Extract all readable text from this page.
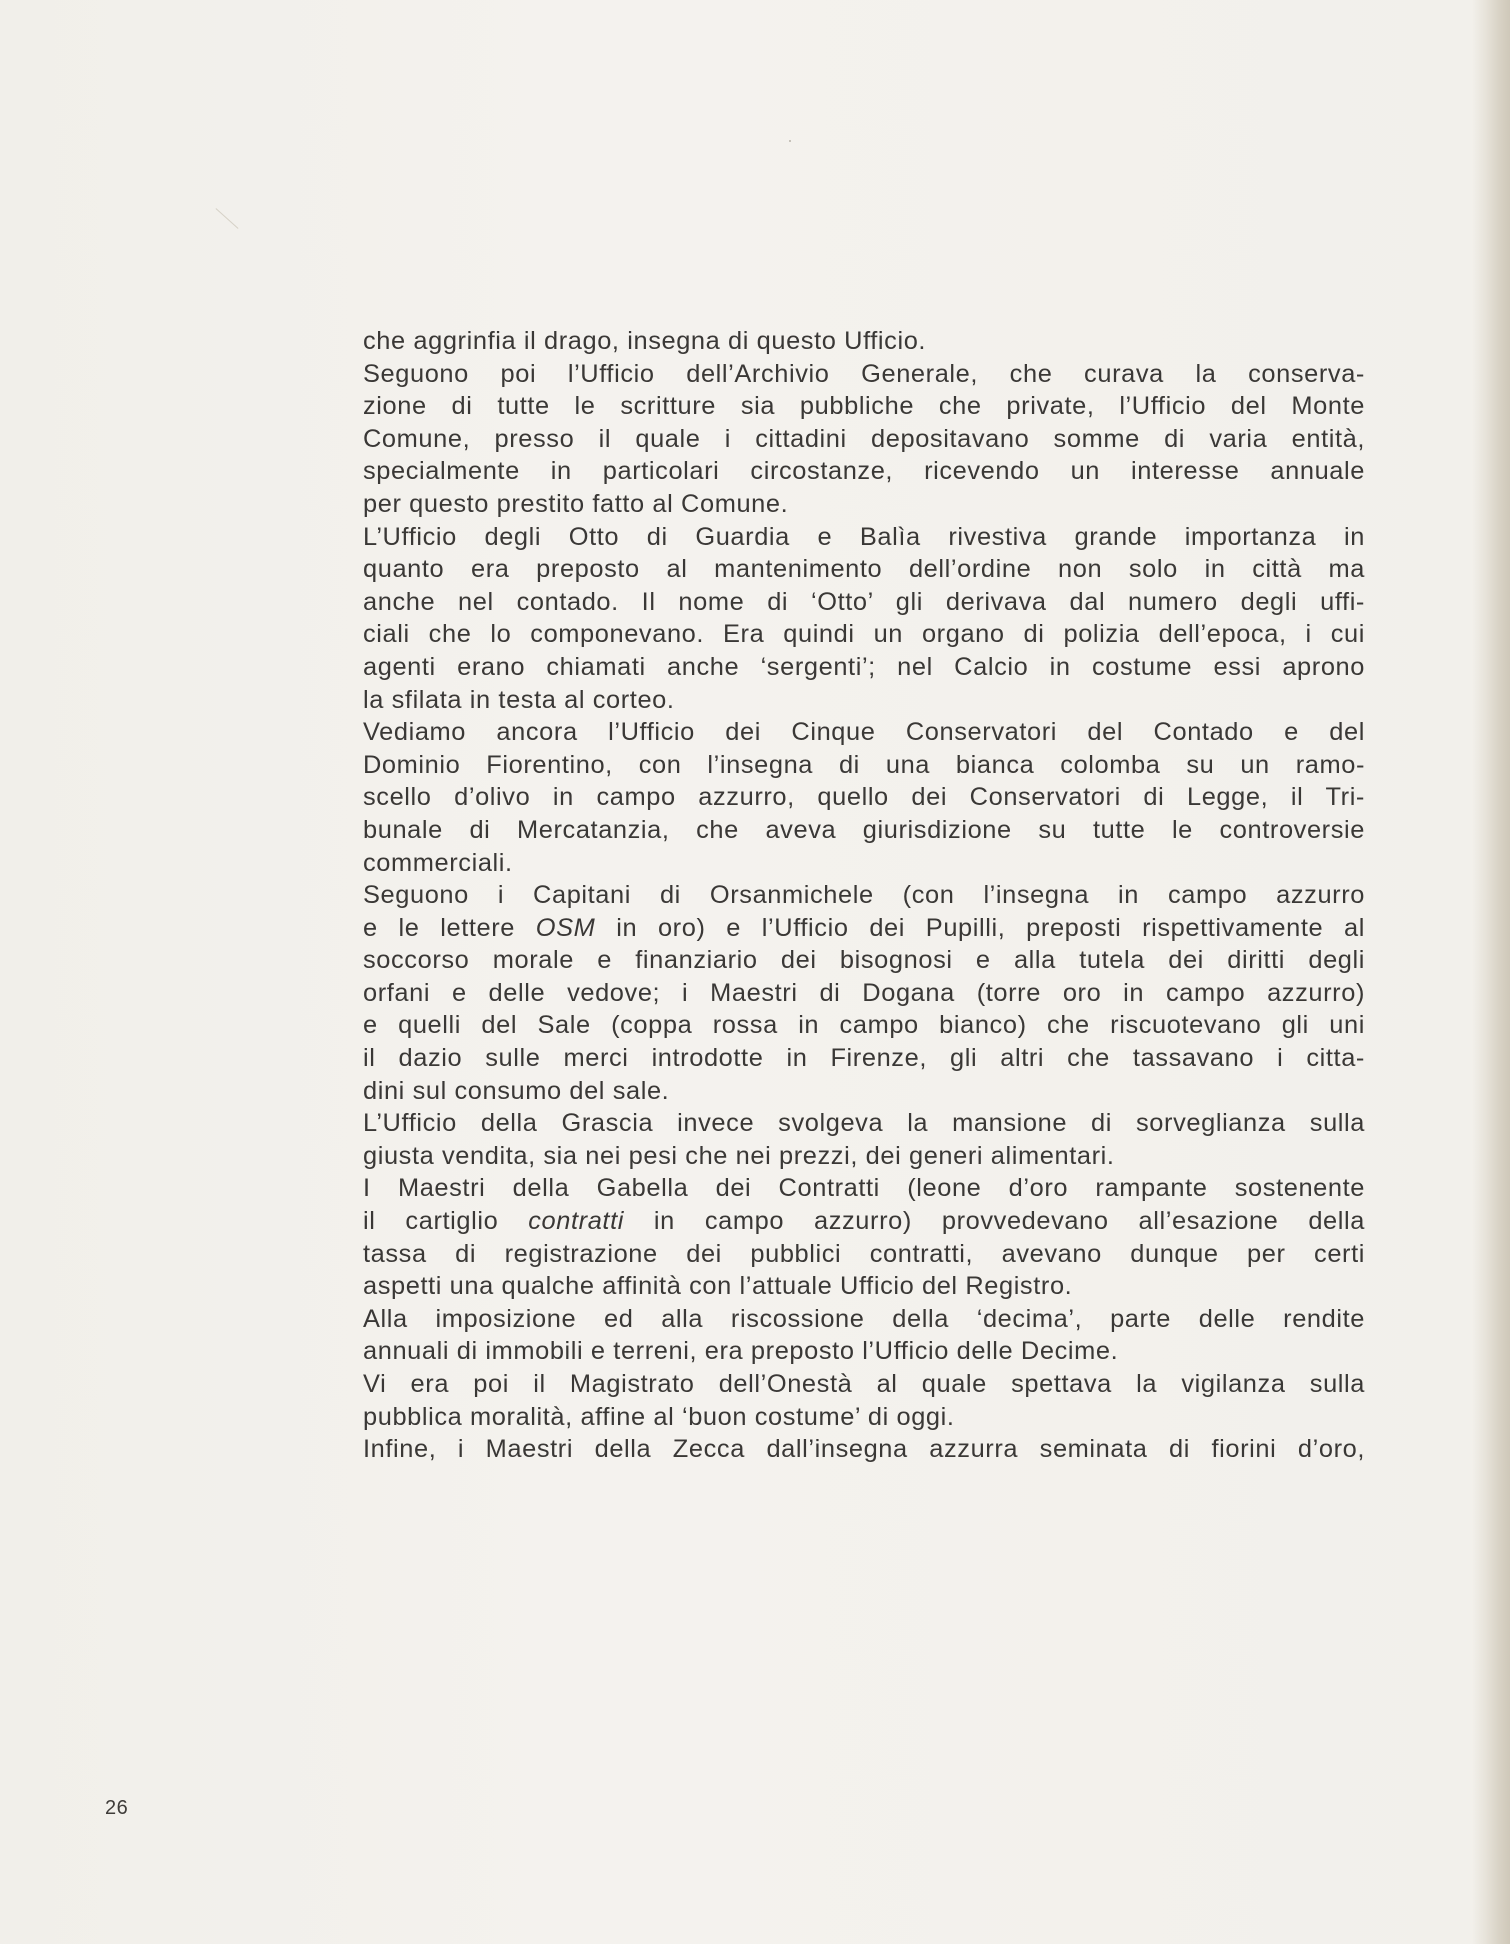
che aggrinfia il drago, insegna di questo Ufficio.
Seguono poi l’Ufficio dell’Archivio Generale, che curava la conserva-
zione di tutte le scritture sia pubbliche che private, l’Ufficio del Monte
Comune, presso il quale i cittadini depositavano somme di varia entità,
specialmente in particolari circostanze, ricevendo un interesse annuale
per questo prestito fatto al Comune.
L’Ufficio degli Otto di Guardia e Balìa rivestiva grande importanza in
quanto era preposto al mantenimento dell’ordine non solo in città ma
anche nel contado. Il nome di ‘Otto’ gli derivava dal numero degli uffi-
ciali che lo componevano. Era quindi un organo di polizia dell’epoca, i cui
agenti erano chiamati anche ‘sergenti’; nel Calcio in costume essi aprono
la sfilata in testa al corteo.
Vediamo ancora l’Ufficio dei Cinque Conservatori del Contado e del
Dominio Fiorentino, con l’insegna di una bianca colomba su un ramo-
scello d’olivo in campo azzurro, quello dei Conservatori di Legge, il Tri-
bunale di Mercatanzia, che aveva giurisdizione su tutte le controversie
commerciali.
Seguono i Capitani di Orsanmichele (con l’insegna in campo azzurro
e le lettere OSM in oro) e l’Ufficio dei Pupilli, preposti rispettivamente al
soccorso morale e finanziario dei bisognosi e alla tutela dei diritti degli
orfani e delle vedove; i Maestri di Dogana (torre oro in campo azzurro)
e quelli del Sale (coppa rossa in campo bianco) che riscuotevano gli uni
il dazio sulle merci introdotte in Firenze, gli altri che tassavano i citta-
dini sul consumo del sale.
L’Ufficio della Grascia invece svolgeva la mansione di sorveglianza sulla
giusta vendita, sia nei pesi che nei prezzi, dei generi alimentari.
I Maestri della Gabella dei Contratti (leone d’oro rampante sostenente
il cartiglio contratti in campo azzurro) provvedevano all’esazione della
tassa di registrazione dei pubblici contratti, avevano dunque per certi
aspetti una qualche affinità con l’attuale Ufficio del Registro.
Alla imposizione ed alla riscossione della ‘decima’, parte delle rendite
annuali di immobili e terreni, era preposto l’Ufficio delle Decime.
Vi era poi il Magistrato dell’Onestà al quale spettava la vigilanza sulla
pubblica moralità, affine al ‘buon costume’ di oggi.
Infine, i Maestri della Zecca dall’insegna azzurra seminata di fiorini d’oro,
26
